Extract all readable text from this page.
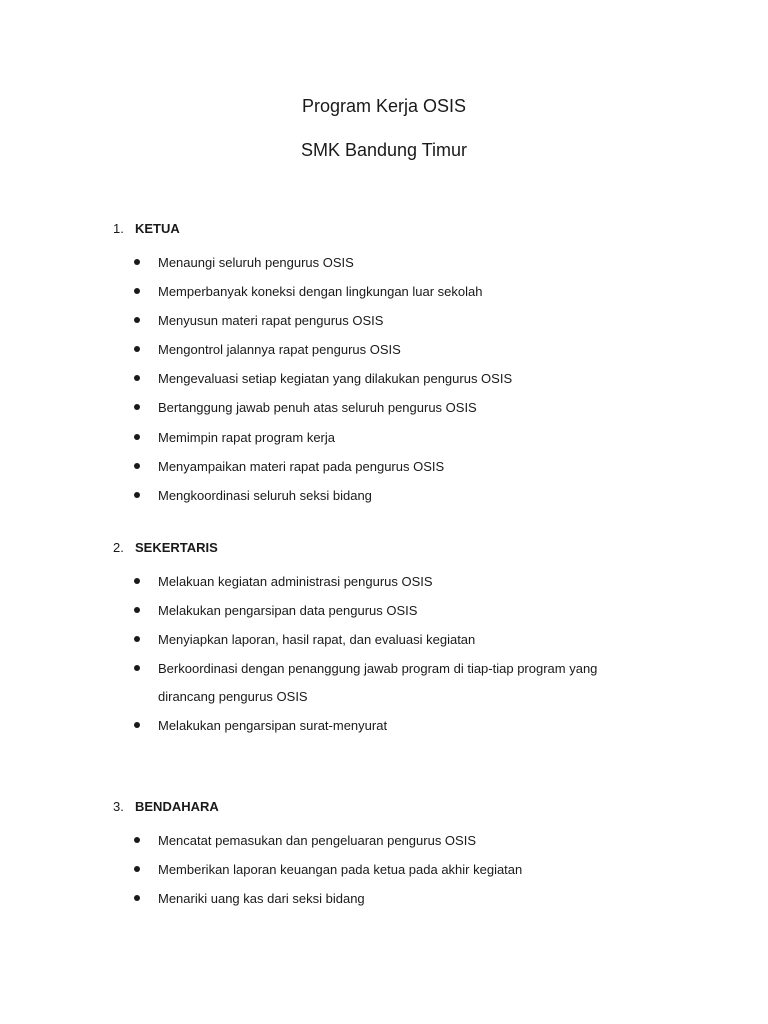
Program Kerja OSIS
SMK Bandung Timur
1. KETUA
Menaungi seluruh pengurus OSIS
Memperbanyak koneksi dengan lingkungan luar sekolah
Menyusun materi rapat pengurus OSIS
Mengontrol jalannya rapat pengurus OSIS
Mengevaluasi setiap kegiatan yang dilakukan pengurus OSIS
Bertanggung jawab penuh atas seluruh pengurus OSIS
Memimpin rapat program kerja
Menyampaikan materi rapat pada pengurus OSIS
Mengkoordinasi seluruh seksi bidang
2. SEKERTARIS
Melakuan kegiatan administrasi pengurus OSIS
Melakukan pengarsipan data pengurus OSIS
Menyiapkan laporan, hasil rapat, dan evaluasi kegiatan
Berkoordinasi dengan penanggung jawab program di tiap-tiap program yang dirancang pengurus OSIS
Melakukan pengarsipan surat-menyurat
3. BENDAHARA
Mencatat pemasukan dan pengeluaran pengurus OSIS
Memberikan laporan keuangan pada ketua pada akhir kegiatan
Menariki uang kas dari seksi bidang
